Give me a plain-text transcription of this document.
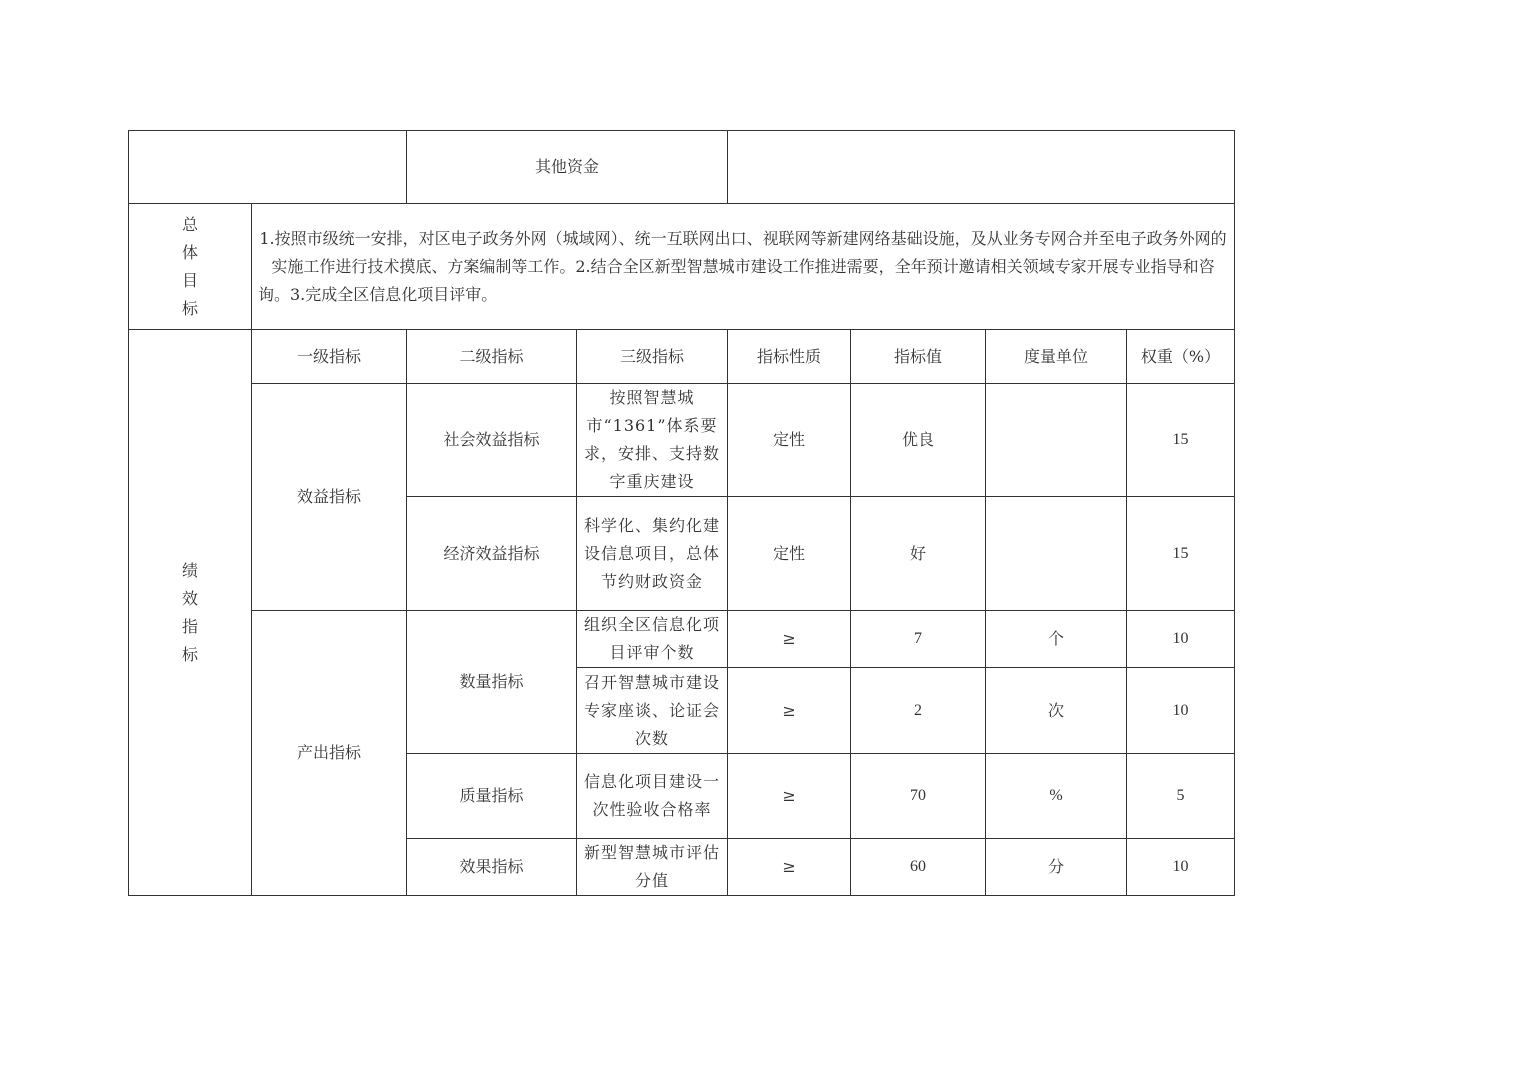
		其他资金					

总
体
目
标	1.按照市级统一安排，对区电子政务外网（城域网）、统一互联网出口、视联网等新建网络基础设施，及从业务专网合并至电子政务外网的实施工作进行技术摸底、方案编制等工作。2.结合全区新型智慧城市建设工作推进需要，全年预计邀请相关领域专家开展专业指导和咨询。3.完成全区信息化项目评审。						

绩
效
指
标	一级指标	二级指标	三级指标	指标性质	指标值	度量单位	权重（%）
	效益指标	社会效益指标	按照智慧城市“1361”体系要求，安排、支持数字重庆建设	定性	优良		15
		经济效益指标	科学化、集约化建设信息项目，总体节约财政资金	定性	好		15
	产出指标	数量指标	组织全区信息化项目评审个数	≥	7	个	10
			召开智慧城市建设专家座谈、论证会次数	≥	2	次	10
		质量指标	信息化项目建设一次性验收合格率	≥	70	%	5
		效果指标	新型智慧城市评估分值	≥	60	分	10
